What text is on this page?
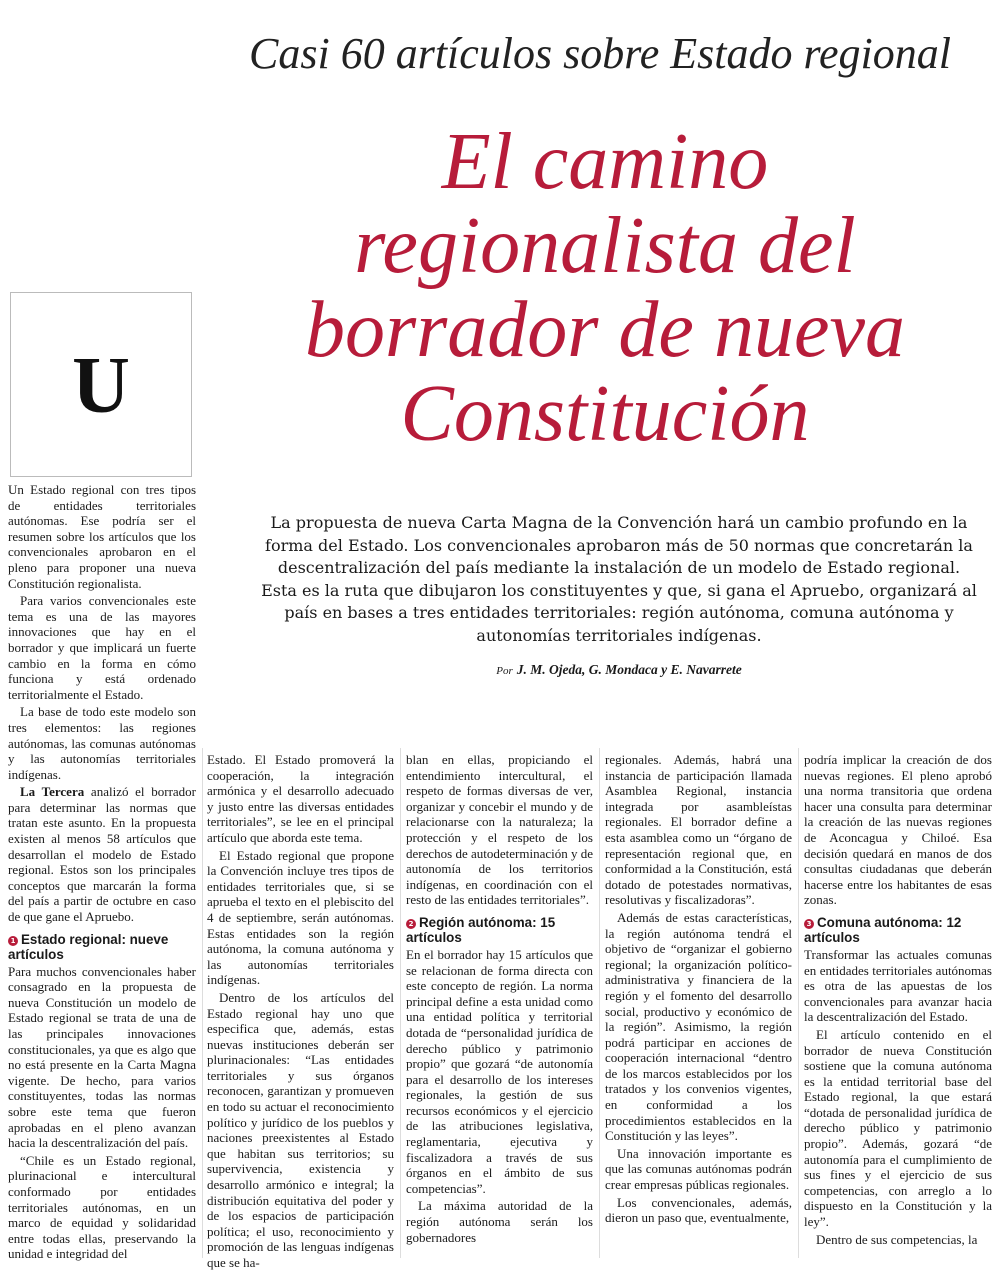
Casi 60 artículos sobre Estado regional
El camino
regionalista del
borrador de nueva
Constitución
U
La propuesta de nueva Carta Magna de la Convención hará un cambio profundo en la forma del Estado. Los convencionales aprobaron más de 50 normas que concretarán la descentralización del país mediante la instalación de un modelo de Estado regional. Esta es la ruta que dibujaron los constituyentes y que, si gana el Apruebo, organizará al país en bases a tres entidades territoriales: región autónoma, comuna autónoma y autonomías territoriales indígenas.
Por J. M. Ojeda, G. Mondaca y E. Navarrete

Un Estado regional con tres tipos de entidades territoriales autónomas. Ese podría ser el resumen sobre los artículos que los convencionales aprobaron en el pleno para proponer una nueva Constitución regionalista.

Para varios convencionales este tema es una de las mayores innovaciones que hay en el borrador y que implicará un fuerte cambio en la forma en cómo funciona y está ordenado territorialmente el Estado.

La base de todo este modelo son tres elementos: las regiones autónomas, las comunas autónomas y las autonomías territoriales indígenas.

La Tercera analizó el borrador para determinar las normas que tratan este asunto. En la propuesta existen al menos 58 artículos que desarrollan el modelo de Estado regional. Estos son los principales conceptos que marcarán la forma del país a partir de octubre en caso de que gane el Apruebo.

1 Estado regional: nueve artículos

Para muchos convencionales haber consagrado en la propuesta de nueva Constitución un modelo de Estado regional se trata de una de las principales innovaciones constitucionales, ya que es algo que no está presente en la Carta Magna vigente. De hecho, para varios constituyentes, todas las normas sobre este tema que fueron aprobadas en el pleno avanzan hacia la descentralización del país.

“Chile es un Estado regional, plurinacional e intercultural conformado por entidades territoriales autónomas, en un marco de equidad y solidaridad entre todas ellas, preservando la unidad e integridad del

Estado. El Estado promoverá la cooperación, la integración armónica y el desarrollo adecuado y justo entre las diversas entidades territoriales”, se lee en el principal artículo que aborda este tema.

El Estado regional que propone la Convención incluye tres tipos de entidades territoriales que, si se aprueba el texto en el plebiscito del 4 de septiembre, serán autónomas. Estas entidades son la región autónoma, la comuna autónoma y las autonomías territoriales indígenas.

Dentro de los artículos del Estado regional hay uno que especifica que, además, estas nuevas instituciones deberán ser plurinacionales: “Las entidades territoriales y sus órganos reconocen, garantizan y promueven en todo su actuar el reconocimiento político y jurídico de los pueblos y naciones preexistentes al Estado que habitan sus territorios; su supervivencia, existencia y desarrollo armónico e integral; la distribución equitativa del poder y de los espacios de participación política; el uso, reconocimiento y promoción de las lenguas indígenas que se ha-

blan en ellas, propiciando el entendimiento intercultural, el respeto de formas diversas de ver, organizar y concebir el mundo y de relacionarse con la naturaleza; la protección y el respeto de los derechos de autodeterminación y de autonomía de los territorios indígenas, en coordinación con el resto de las entidades territoriales”.

2 Región autónoma: 15 artículos

En el borrador hay 15 artículos que se relacionan de forma directa con este concepto de región. La norma principal define a esta unidad como una entidad política y territorial dotada de “personalidad jurídica de derecho público y patrimonio propio” que gozará “de autonomía para el desarrollo de los intereses regionales, la gestión de sus recursos económicos y el ejercicio de las atribuciones legislativa, reglamentaria, ejecutiva y fiscalizadora a través de sus órganos en el ámbito de sus competencias”.

La máxima autoridad de la región autónoma serán los gobernadores

regionales. Además, habrá una instancia de participación llamada Asamblea Regional, instancia integrada por asambleístas regionales. El borrador define a esta asamblea como un “órgano de representación regional que, en conformidad a la Constitución, está dotado de potestades normativas, resolutivas y fiscalizadoras”.

Además de estas características, la región autónoma tendrá el objetivo de “organizar el gobierno regional; la organización político-administrativa y financiera de la región y el fomento del desarrollo social, productivo y económico de la región”. Asimismo, la región podrá participar en acciones de cooperación internacional “dentro de los marcos establecidos por los tratados y los convenios vigentes, en conformidad a los procedimientos establecidos en la Constitución y las leyes”.

Una innovación importante es que las comunas autónomas podrán crear empresas públicas regionales.

Los convencionales, además, dieron un paso que, eventualmente,

podría implicar la creación de dos nuevas regiones. El pleno aprobó una norma transitoria que ordena hacer una consulta para determinar la creación de las nuevas regiones de Aconcagua y Chiloé. Esa decisión quedará en manos de dos consultas ciudadanas que deberán hacerse entre los habitantes de esas zonas.

3 Comuna autónoma: 12 artículos

Transformar las actuales comunas en entidades territoriales autónomas es otra de las apuestas de los convencionales para avanzar hacia la descentralización del Estado.

El artículo contenido en el borrador de nueva Constitución sostiene que la comuna autónoma es la entidad territorial base del Estado regional, la que estará “dotada de personalidad jurídica de derecho público y patrimonio propio”. Además, gozará “de autonomía para el cumplimiento de sus fines y el ejercicio de sus competencias, con arreglo a lo dispuesto en la Constitución y la ley”.

Dentro de sus competencias, la
